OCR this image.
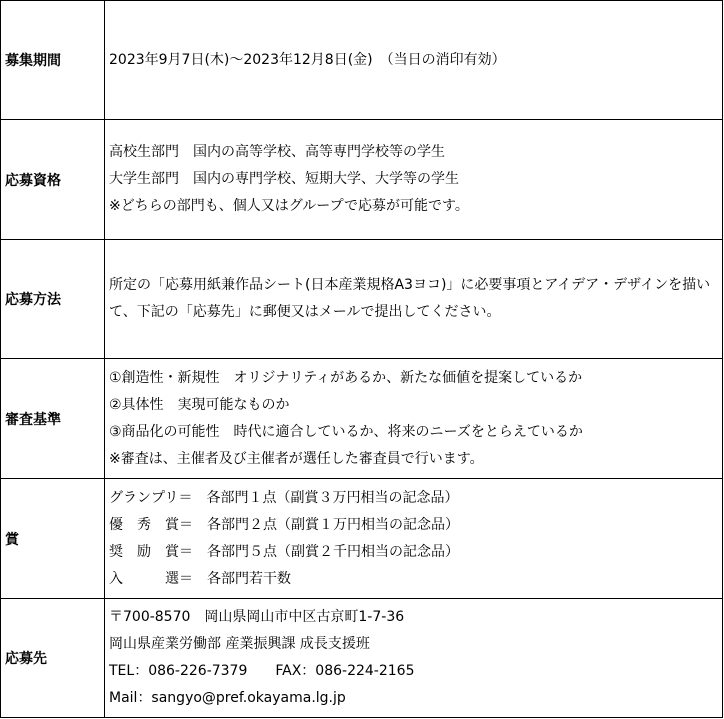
募集期間	2023年9月7日(木)～2023年12月8日(金)　（当日の消印有効）

応募資格	高校生部門　国内の高等学校、高等専門学校等の学生
大学生部門　国内の専門学校、短期大学、大学等の学生
※どちらの部門も、個人又はグループで応募が可能です。

応募方法	所定の「応募用紙兼作品シート(日本産業規格A3ヨコ)」に必要事項とアイデア・デザインを描いて、下記の「応募先」に郵便又はメールで提出してください。

審査基準	①創造性・新規性　オリジナリティがあるか、新たな価値を提案しているか
②具体性　実現可能なものか
③商品化の可能性　時代に適合しているか、将来のニーズをとらえているか
※審査は、主催者及び主催者が選任した審査員で行います。

賞	グランプリ＝　各部門１点（副賞３万円相当の記念品）
優　秀　賞＝　各部門２点（副賞１万円相当の記念品）
奨　励　賞＝　各部門５点（副賞２千円相当の記念品）
入　　　選＝　各部門若干数

応募先	〒700-8570　岡山県岡山市中区古京町1-7-36
岡山県産業労働部 産業振興課 成長支援班
TEL：086-226-7379　　FAX：086-224-2165
Mail：sangyo@pref.okayama.lg.jp
